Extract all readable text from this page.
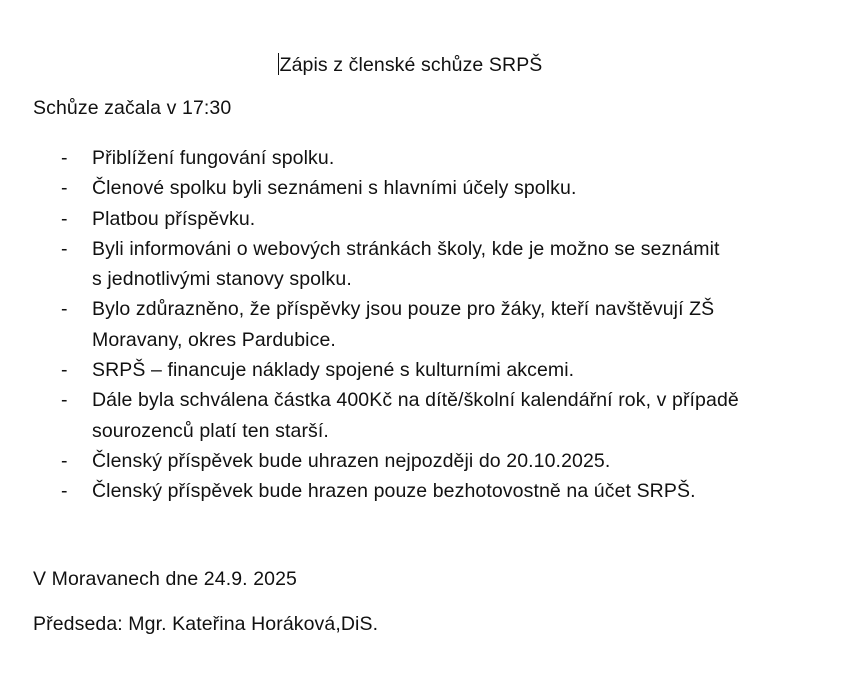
Zápis z členské schůze SRPŠ
Schůze začala v 17:30
- Přiblížení fungování spolku.
- Členové spolku byli seznámeni s hlavními účely spolku.
- Platbou příspěvku.
- Byli informováni o webových stránkách školy, kde je možno se seznámit
s jednotlivými stanovy spolku.
- Bylo zdůrazněno, že příspěvky jsou pouze pro žáky, kteří navštěvují ZŠ
Moravany, okres Pardubice.
- SRPŠ – financuje náklady spojené s kulturními akcemi.
- Dále byla schválena částka 400Kč na dítě/školní kalendářní rok, v případě
sourozenců platí ten starší.
- Členský příspěvek bude uhrazen nejpozději do 20.10.2025.
- Členský příspěvek bude hrazen pouze bezhotovostně na účet SRPŠ.
V Moravanech dne 24.9. 2025
Předseda: Mgr. Kateřina Horáková,DiS.
